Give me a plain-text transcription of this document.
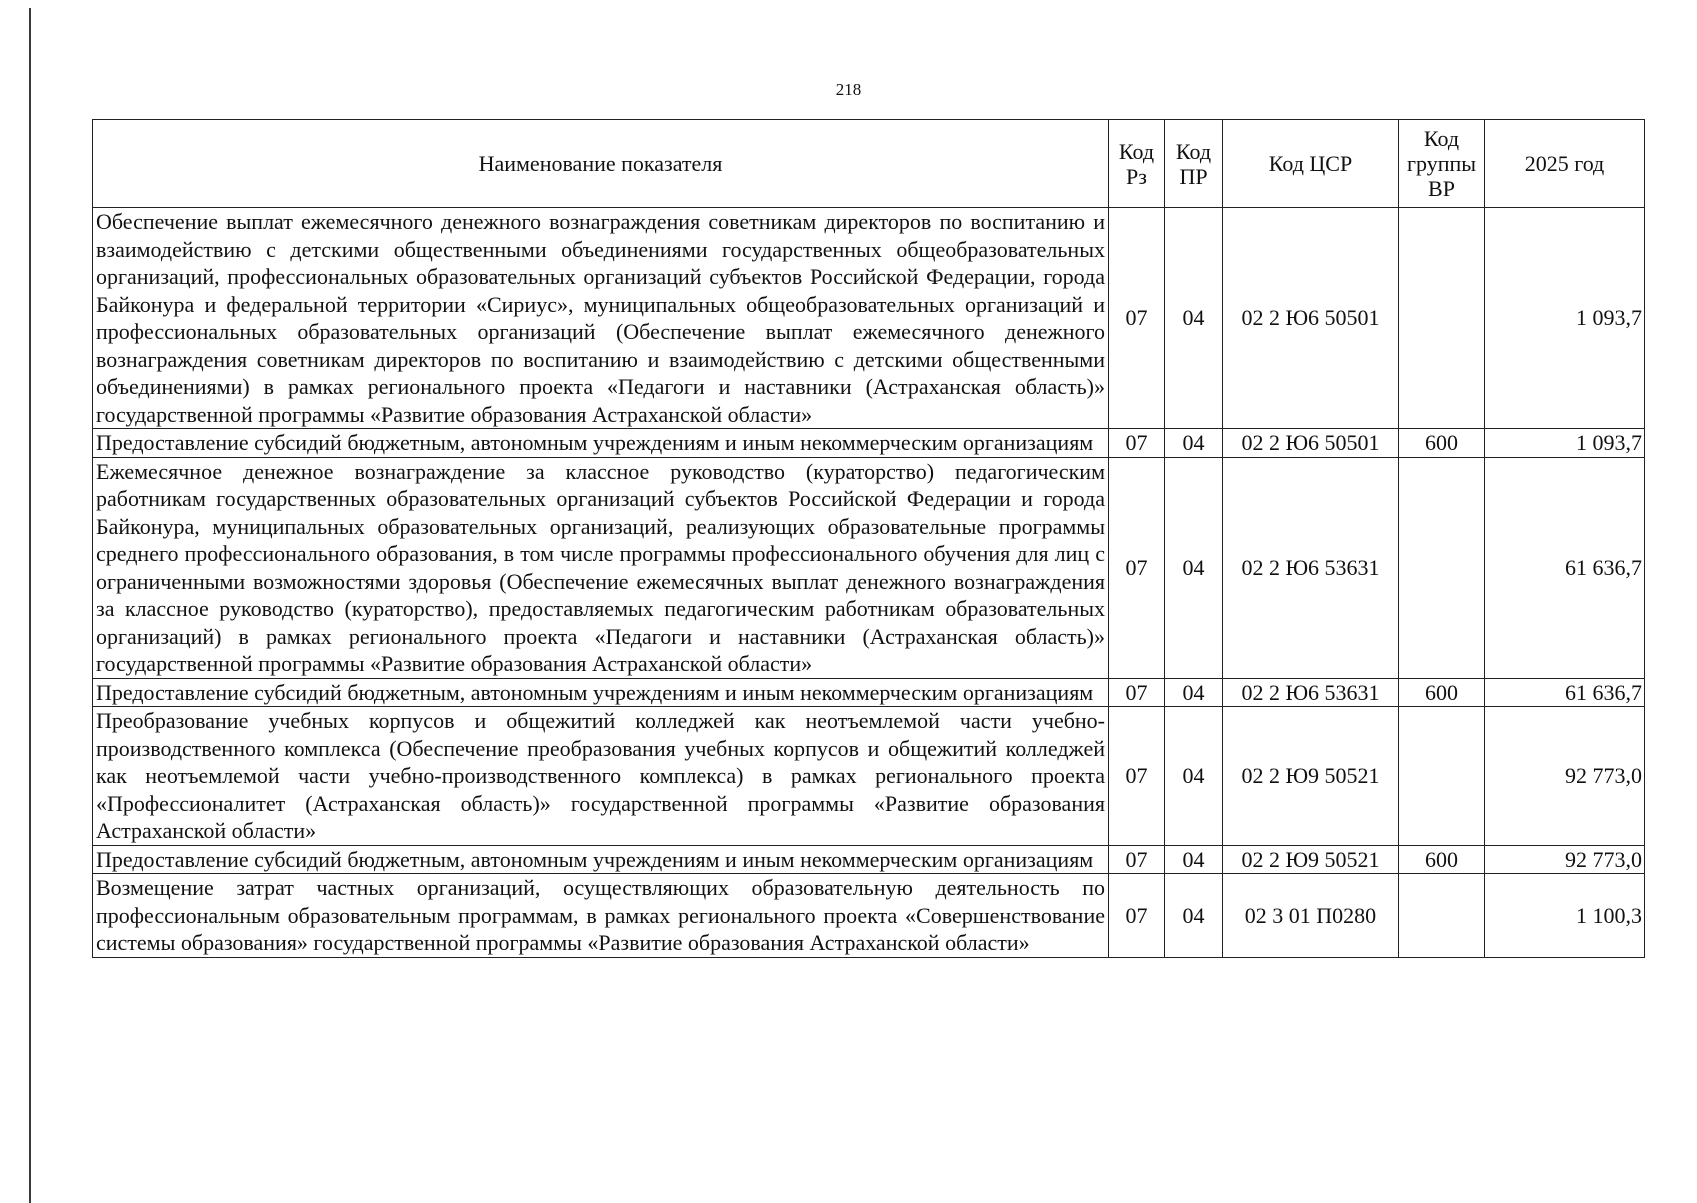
218
Наименование показателя	Код Рз	Код ПР	Код ЦСР	Код группы ВР	2025 год
Обеспечение выплат ежемесячного денежного вознаграждения советникам директоров по воспитанию и взаимодействию с детскими общественными объединениями государственных общеобразовательных организаций, профессиональных образовательных организаций субъектов Российской Федерации, города Байконура и федеральной территории «Сириус», муниципальных общеобразовательных организаций и профессиональных образовательных организаций (Обеспечение выплат ежемесячного денежного вознаграждения советникам директоров по воспитанию и взаимодействию с детскими общественными объединениями) в рамках регионального проекта «Педагоги и наставники (Астраханская область)» государственной программы «Развитие образования Астраханской области»	07	04	02 2 Ю6 50501		1 093,7
Предоставление субсидий бюджетным, автономным учреждениям и иным некоммерческим организациям	07	04	02 2 Ю6 50501	600	1 093,7
Ежемесячное денежное вознаграждение за классное руководство (кураторство) педагогическим работникам государственных образовательных организаций субъектов Российской Федерации и города Байконура, муниципальных образовательных организаций, реализующих образовательные программы среднего профессионального образования, в том числе программы профессионального обучения для лиц с ограниченными возможностями здоровья (Обеспечение ежемесячных выплат денежного вознаграждения за классное руководство (кураторство), предоставляемых педагогическим работникам образовательных организаций) в рамках регионального проекта «Педагоги и наставники (Астраханская область)» государственной программы «Развитие образования Астраханской области»	07	04	02 2 Ю6 53631		61 636,7
Предоставление субсидий бюджетным, автономным учреждениям и иным некоммерческим организациям	07	04	02 2 Ю6 53631	600	61 636,7
Преобразование учебных корпусов и общежитий колледжей как неотъемлемой части учебно-производственного комплекса (Обеспечение преобразования учебных корпусов и общежитий колледжей как неотъемлемой части учебно-производственного комплекса) в рамках регионального проекта «Профессионалитет (Астраханская область)» государственной программы «Развитие образования Астраханской области»	07	04	02 2 Ю9 50521		92 773,0
Предоставление субсидий бюджетным, автономным учреждениям и иным некоммерческим организациям	07	04	02 2 Ю9 50521	600	92 773,0
Возмещение затрат частных организаций, осуществляющих образовательную деятельность по профессиональным образовательным программам, в рамках регионального проекта «Совершенствование системы образования» государственной программы «Развитие образования Астраханской области»	07	04	02 3 01 П0280		1 100,3
